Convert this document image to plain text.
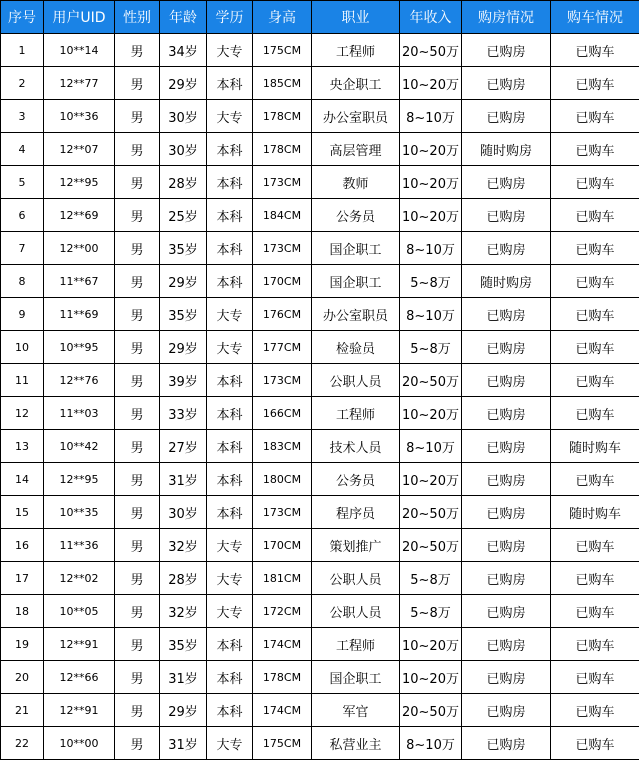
序号	用户UID	性别	年龄	学历	身高	职业	年收入	购房情况	购车情况
1	10**14	男	34岁	大专	175CM	工程师	20~50万	已购房	已购车
2	12**77	男	29岁	本科	185CM	央企职工	10~20万	已购房	已购车
3	10**36	男	30岁	大专	178CM	办公室职员	8~10万	已购房	已购车
4	12**07	男	30岁	本科	178CM	高层管理	10~20万	随时购房	已购车
5	12**95	男	28岁	本科	173CM	教师	10~20万	已购房	已购车
6	12**69	男	25岁	本科	184CM	公务员	10~20万	已购房	已购车
7	12**00	男	35岁	本科	173CM	国企职工	8~10万	已购房	已购车
8	11**67	男	29岁	本科	170CM	国企职工	5~8万	随时购房	已购车
9	11**69	男	35岁	大专	176CM	办公室职员	8~10万	已购房	已购车
10	10**95	男	29岁	大专	177CM	检验员	5~8万	已购房	已购车
11	12**76	男	39岁	本科	173CM	公职人员	20~50万	已购房	已购车
12	11**03	男	33岁	本科	166CM	工程师	10~20万	已购房	已购车
13	10**42	男	27岁	本科	183CM	技术人员	8~10万	已购房	随时购车
14	12**95	男	31岁	本科	180CM	公务员	10~20万	已购房	已购车
15	10**35	男	30岁	本科	173CM	程序员	20~50万	已购房	随时购车
16	11**36	男	32岁	大专	170CM	策划推广	20~50万	已购房	已购车
17	12**02	男	28岁	大专	181CM	公职人员	5~8万	已购房	已购车
18	10**05	男	32岁	大专	172CM	公职人员	5~8万	已购房	已购车
19	12**91	男	35岁	本科	174CM	工程师	10~20万	已购房	已购车
20	12**66	男	31岁	本科	178CM	国企职工	10~20万	已购房	已购车
21	12**91	男	29岁	本科	174CM	军官	20~50万	已购房	已购车
22	10**00	男	31岁	大专	175CM	私营业主	8~10万	已购房	已购车
